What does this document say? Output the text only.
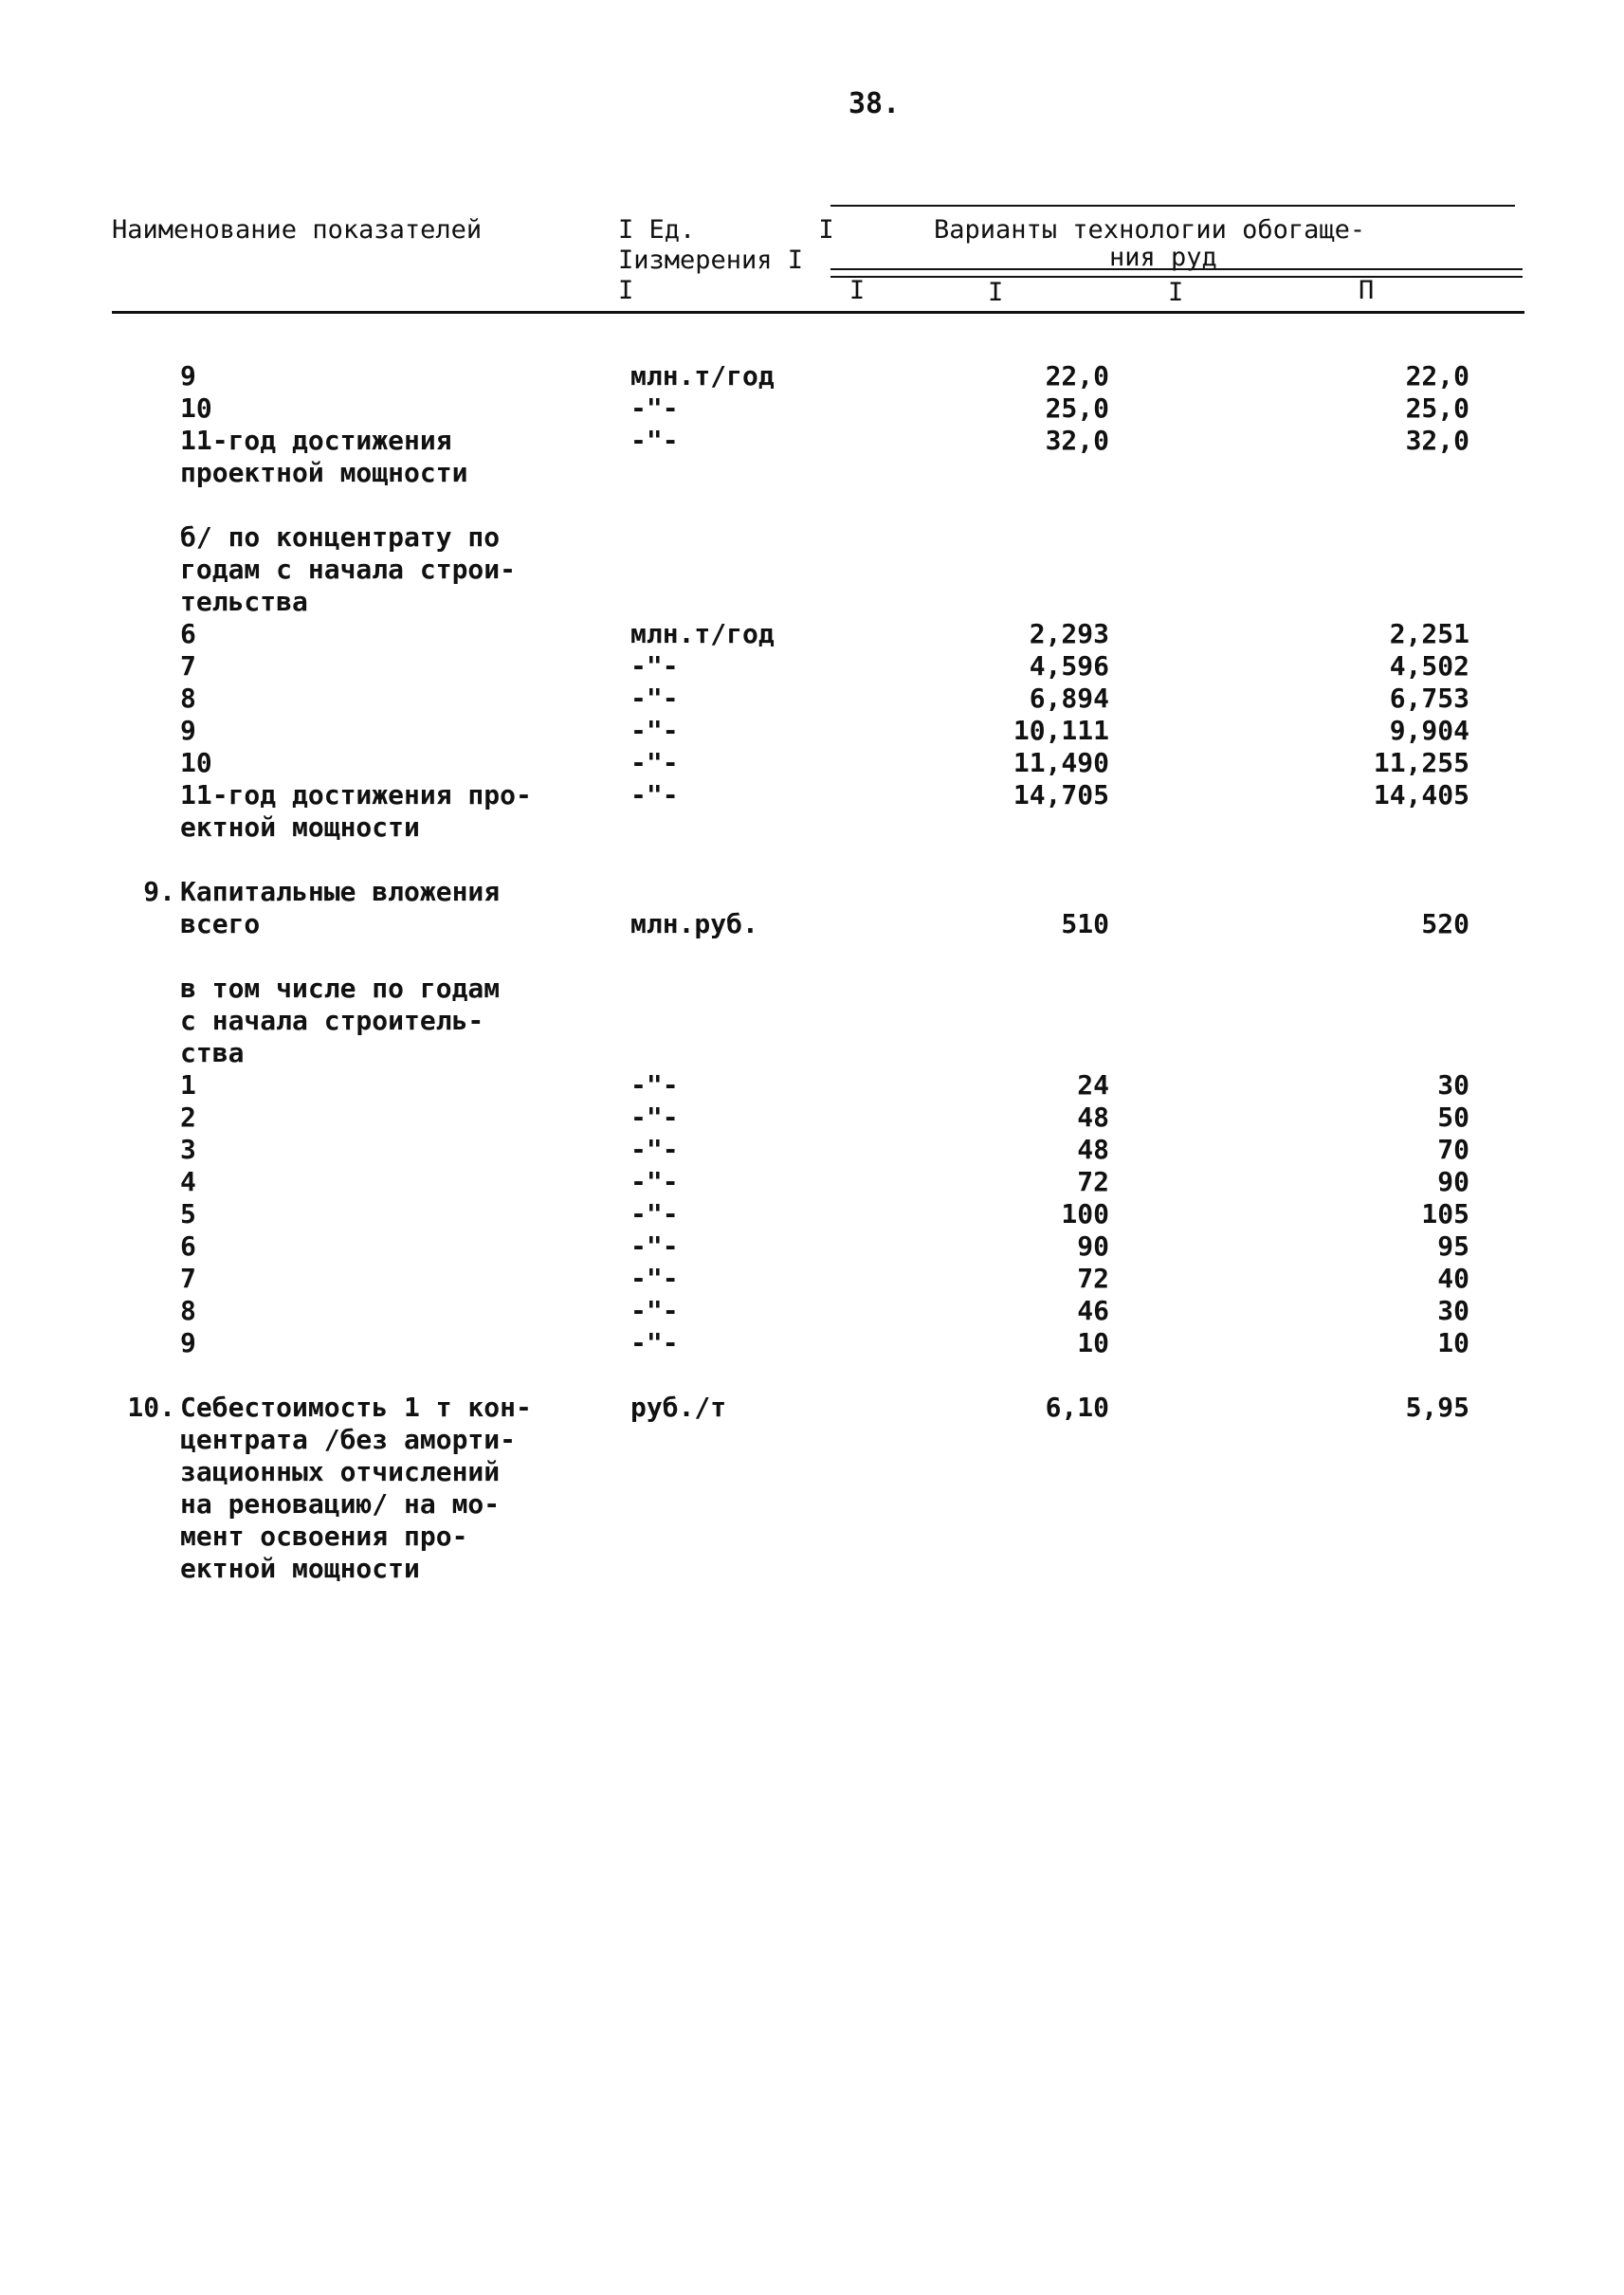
38.
Наименование показателей	I Ед.        I
Iизмерения I
I              I
Варианты технологии обогаще-
ния руд
I	I	П
9	млн.т/год	22,0	22,0
10	-"-	25,0	25,0
11-год достижения	-"-	32,0	32,0
проектной мощности
б/ по концентрату по
годам с начала строи-
тельства
6	млн.т/год	2,293	2,251
7	-"-	4,596	4,502
8	-"-	6,894	6,753
9	-"-	10,111	9,904
10	-"-	11,490	11,255
11-год достижения про-	-"-	14,705	14,405
ектной мощности
9. Капитальные вложения
всего	млн.руб.	510	520
в том числе по годам
с начала строитель-
ства
1	-"-	24	30
2	-"-	48	50
3	-"-	48	70
4	-"-	72	90
5	-"-	100	105
6	-"-	90	95
7	-"-	72	40
8	-"-	46	30
9	-"-	10	10
10. Себестоимость 1 т кон-	руб./т	6,10	5,95
центрата /без аморти-
зационных отчислений
на реновацию/ на мо-
мент освоения про-
ектной мощности
